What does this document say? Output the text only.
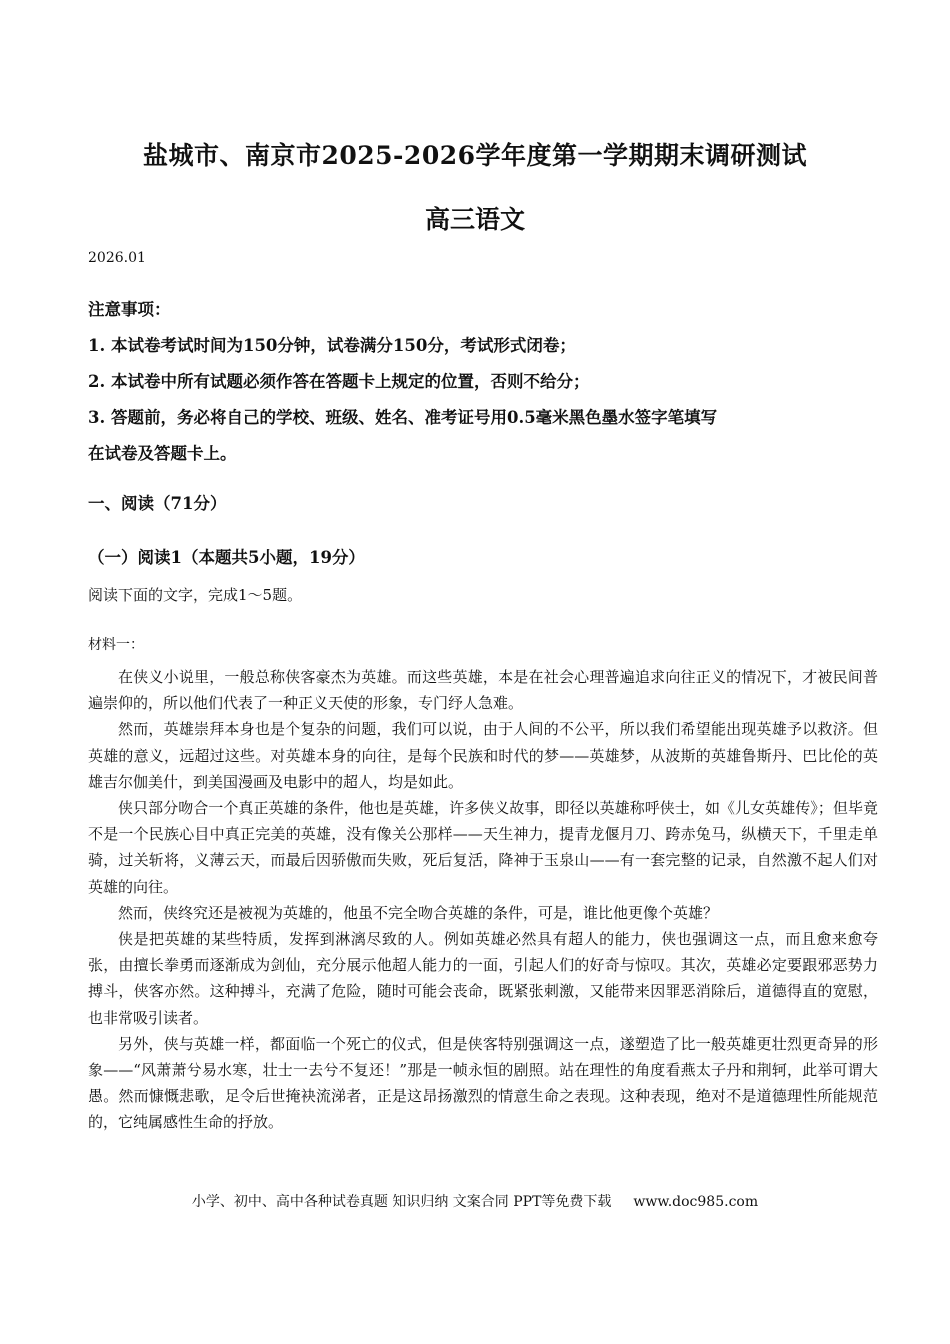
盐城市、南京市2025-2026学年度第一学期期末调研测试
高三语文
2026.01
注意事项：
1. 本试卷考试时间为150分钟，试卷满分150分，考试形式闭卷；
2. 本试卷中所有试题必须作答在答题卡上规定的位置，否则不给分；
3. 答题前，务必将自己的学校、班级、姓名、准考证号用0.5毫米黑色墨水签字笔填写
在试卷及答题卡上。
一、阅读（71分）
（一）阅读1（本题共5小题，19分）
阅读下面的文字，完成1～5题。
材料一：

在侠义小说里，一般总称侠客豪杰为英雄。而这些英雄，本是在社会心理普遍追求向往正义的情况下，才被民间普遍崇仰的，所以他们代表了一种正义天使的形象，专门纾人急难。

然而，英雄崇拜本身也是个复杂的问题，我们可以说，由于人间的不公平，所以我们希望能出现英雄予以救济。但英雄的意义，远超过这些。对英雄本身的向往，是每个民族和时代的梦——英雄梦，从波斯的英雄鲁斯丹、巴比伦的英雄吉尔伽美什，到美国漫画及电影中的超人，均是如此。

侠只部分吻合一个真正英雄的条件，他也是英雄，许多侠义故事，即径以英雄称呼侠士，如《儿女英雄传》；但毕竟不是一个民族心目中真正完美的英雄，没有像关公那样——天生神力，提青龙偃月刀、跨赤兔马，纵横天下，千里走单骑，过关斩将，义薄云天，而最后因骄傲而失败，死后复活，降神于玉泉山——有一套完整的记录，自然激不起人们对英雄的向往。

然而，侠终究还是被视为英雄的，他虽不完全吻合英雄的条件，可是，谁比他更像个英雄？

侠是把英雄的某些特质，发挥到淋漓尽致的人。例如英雄必然具有超人的能力，侠也强调这一点，而且愈来愈夸张，由擅长拳勇而逐渐成为剑仙，充分展示他超人能力的一面，引起人们的好奇与惊叹。其次，英雄必定要跟邪恶势力搏斗，侠客亦然。这种搏斗，充满了危险，随时可能会丧命，既紧张刺激，又能带来因罪恶消除后，道德得直的宽慰，也非常吸引读者。

另外，侠与英雄一样，都面临一个死亡的仪式，但是侠客特别强调这一点，遂塑造了比一般英雄更壮烈更奇异的形象——“风萧萧兮易水寒，壮士一去兮不复还！”那是一帧永恒的剧照。站在理性的角度看燕太子丹和荆轲，此举可谓大愚。然而慷慨悲歌，足令后世掩袂流涕者，正是这昂扬激烈的情意生命之表现。这种表现，绝对不是道德理性所能规范的，它纯属感性生命的抒放。

小学、初中、高中各种试卷真题 知识归纳 文案合同 PPT等免费下载 www.doc985.com
